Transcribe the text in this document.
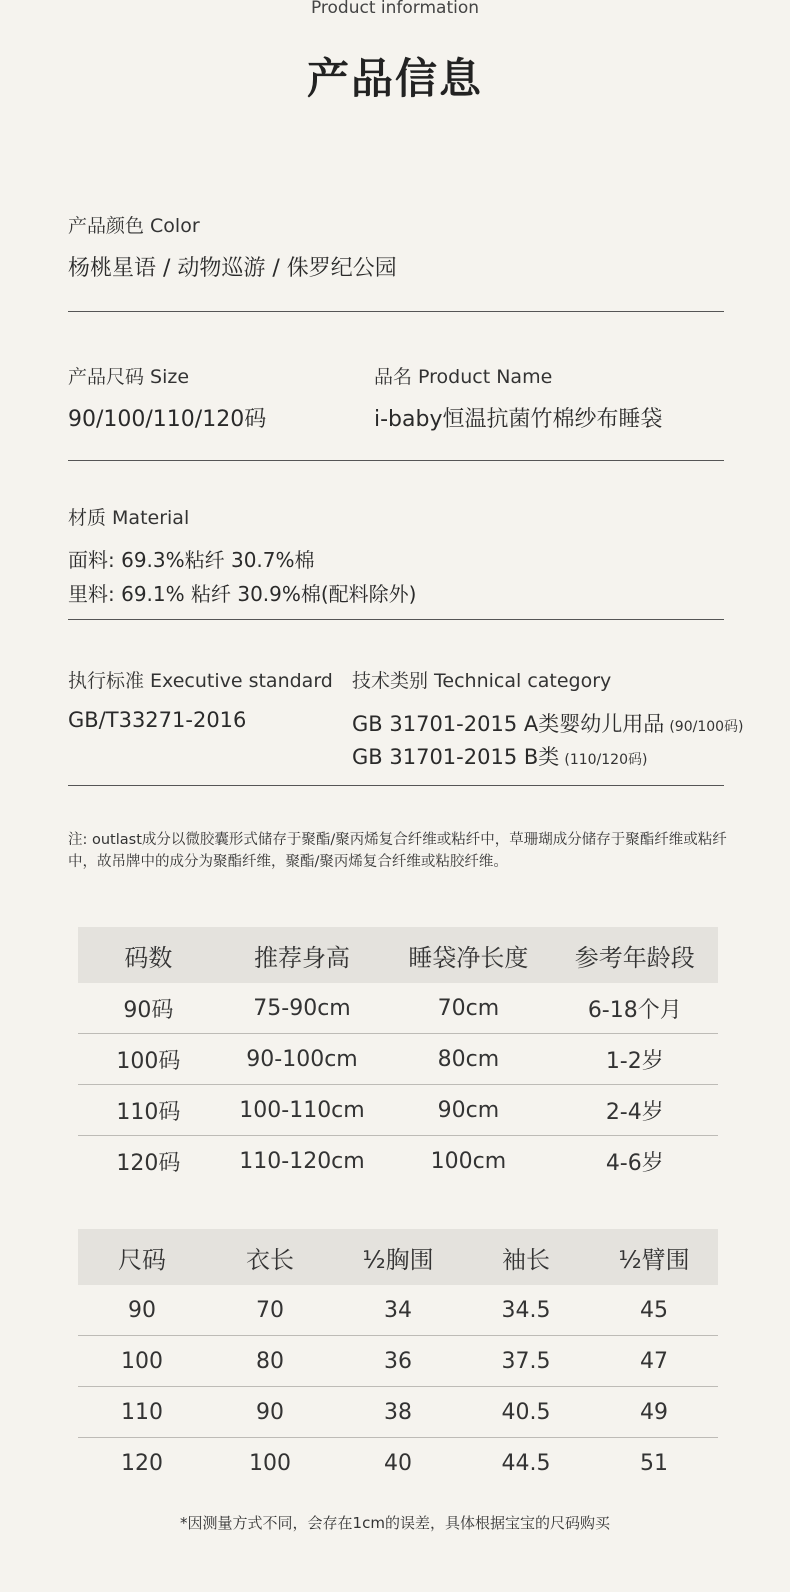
Product information
产品信息
产品颜色 Color
杨桃星语 / 动物巡游 / 侏罗纪公园
产品尺码 Size
90/100/110/120码
品名 Product Name
i-baby恒温抗菌竹棉纱布睡袋
材质 Material
面料: 69.3%粘纤 30.7%棉
里料: 69.1% 粘纤 30.9%棉(配料除外)
执行标准 Executive standard
GB/T33271-2016
技术类别 Technical category
GB 31701-2015 A类婴幼儿用品 (90/100码)
GB 31701-2015 B类 (110/120码)
注: outlast成分以微胶囊形式储存于聚酯/聚丙烯复合纤维或粘纤中，草珊瑚成分储存于聚酯纤维或粘纤中，故吊牌中的成分为聚酯纤维，聚酯/聚丙烯复合纤维或粘胶纤维。
码数	推荐身高	睡袋净长度	参考年龄段
90码	75-90cm	70cm	6-18个月
100码	90-100cm	80cm	1-2岁
110码	100-110cm	90cm	2-4岁
120码	110-120cm	100cm	4-6岁
尺码	衣长	½胸围	袖长	½臂围
90	70	34	34.5	45
100	80	36	37.5	47
110	90	38	40.5	49
120	100	40	44.5	51
*因测量方式不同，会存在1cm的误差，具体根据宝宝的尺码购买
